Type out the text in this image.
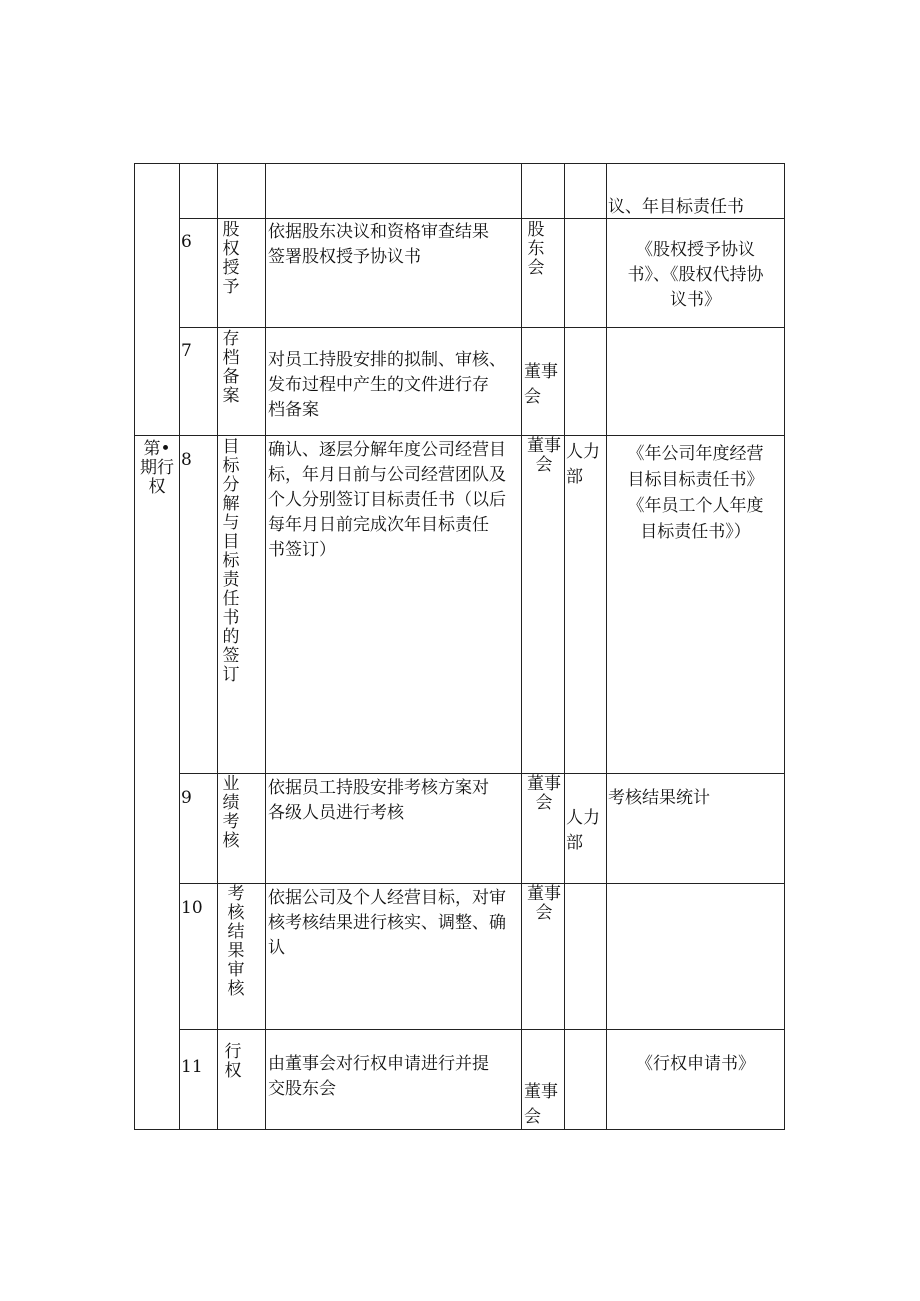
第•期行权
议、年目标责任书
6
股权授予
依据股东决议和资格审查结果
签署股权授予协议书
股东会
《股权授予协议
书》、《股权代持协
议书》
7
存档备案
对员工持股安排的拟制、审核、
发布过程中产生的文件进行存
档备案
董事会
8
目标分解与目标责任书的签订
确认、逐层分解年度公司经营目
标，年月日前与公司经营团队及
个人分别签订目标责任书（以后
每年月日前完成次年目标责任
书签订）
董事会
人力部
《年公司年度经营
目标目标责任书》
《年员工个人年度
目标责任书》）
9
业绩考核
依据员工持股安排考核方案对
各级人员进行考核
董事会
人力部
考核结果统计
10
考核结果审核
依据公司及个人经营目标，对审
核考核结果进行核实、调整、确
认
董事会
11
行权 由董事会对行权申请进行并提
交股东会	董事会
《行权申请书》
